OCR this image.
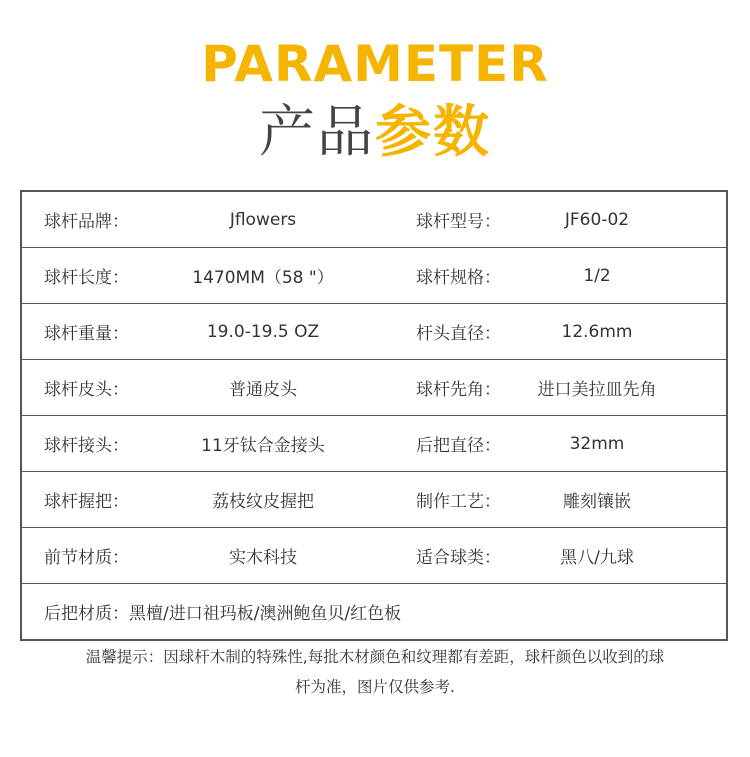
PARAMETER
产品参数
球杆品牌：	Jflowers	球杆型号：	JF60-02
球杆长度：	1470MM（58 "）	球杆规格：	1/2
球杆重量：	19.0-19.5 OZ	杆头直径：	12.6mm
球杆皮头：	普通皮头	球杆先角：	进口美拉皿先角
球杆接头：	11牙钛合金接头	后把直径：	32mm
球杆握把：	荔枝纹皮握把	制作工艺：	雕刻镶嵌
前节材质：	实木科技	适合球类：	黑八/九球
后把材质：黑檀/进口祖玛板/澳洲鲍鱼贝/红色板
温馨提示：因球杆木制的特殊性,每批木材颜色和纹理都有差距，球杆颜色以收到的球
杆为准，图片仅供参考.
